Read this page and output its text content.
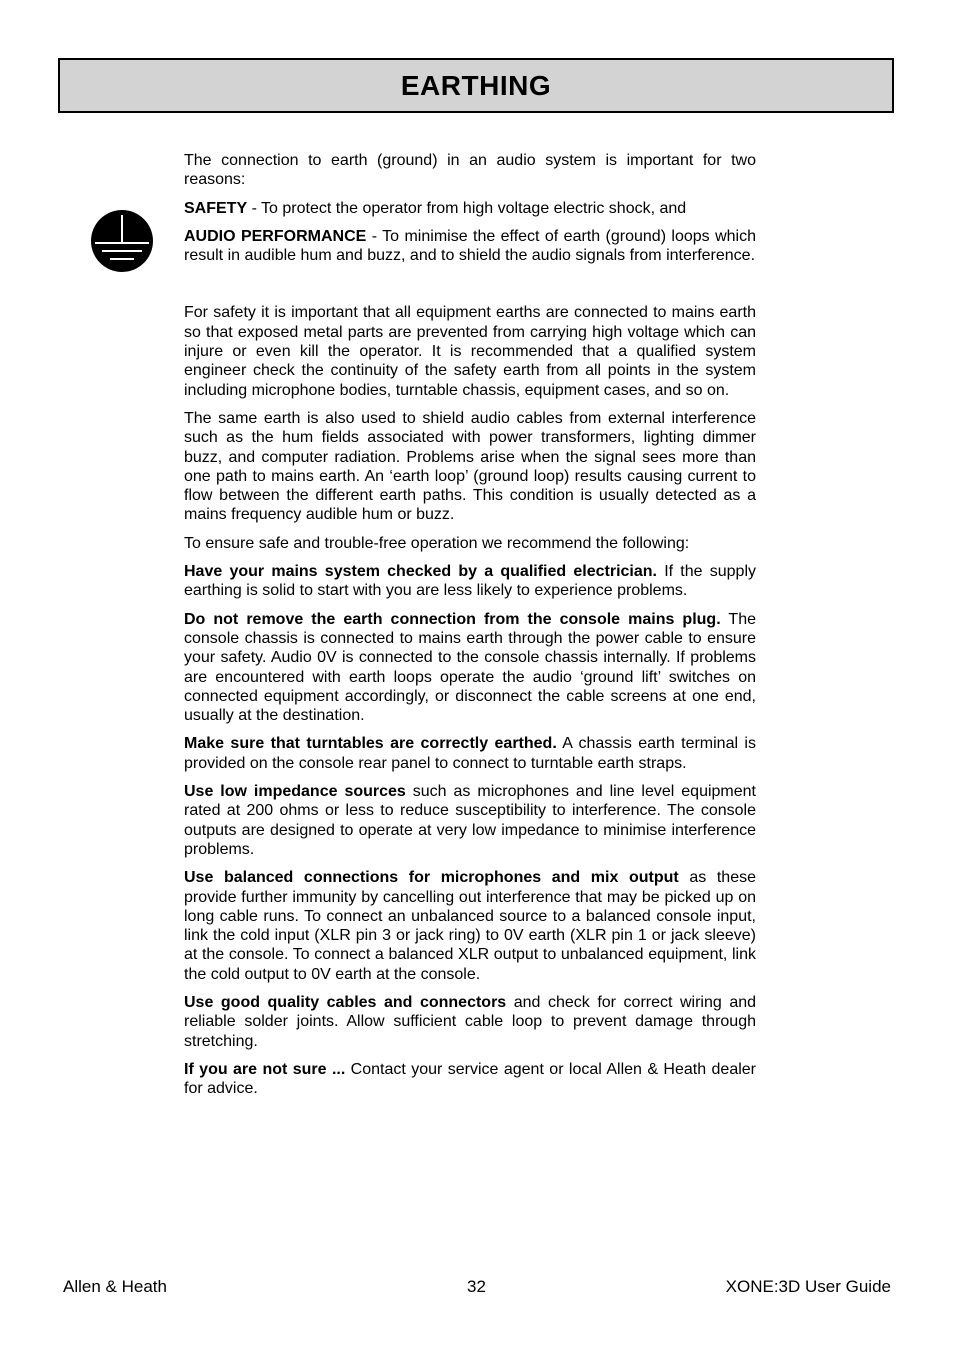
EARTHING

The connection to earth (ground) in an audio system is important for two reasons:

SAFETY - To protect the operator from high voltage electric shock, and

AUDIO PERFORMANCE - To minimise the effect of earth (ground) loops which result in audible hum and buzz, and to shield the audio signals from interference.

For safety it is important that all equipment earths are connected to mains earth so that exposed metal parts are prevented from carrying high voltage which can injure or even kill the operator. It is recommended that a qualified system engineer check the continuity of the safety earth from all points in the system including microphone bodies, turntable chassis, equipment cases, and so on.

The same earth is also used to shield audio cables from external interference such as the hum fields associated with power transformers, lighting dimmer buzz, and computer radiation. Problems arise when the signal sees more than one path to mains earth. An ‘earth loop’ (ground loop) results causing current to flow between the different earth paths. This condition is usually detected as a mains frequency audible hum or buzz.

To ensure safe and trouble-free operation we recommend the following:

Have your mains system checked by a qualified electrician. If the supply earthing is solid to start with you are less likely to experience problems.

Do not remove the earth connection from the console mains plug. The console chassis is connected to mains earth through the power cable to ensure your safety. Audio 0V is connected to the console chassis internally. If problems are encountered with earth loops operate the audio ‘ground lift’ switches on connected equipment accordingly, or disconnect the cable screens at one end, usually at the destination.

Make sure that turntables are correctly earthed. A chassis earth terminal is provided on the console rear panel to connect to turntable earth straps.

Use low impedance sources such as microphones and line level equipment rated at 200 ohms or less to reduce susceptibility to interference. The console outputs are designed to operate at very low impedance to minimise interference problems.

Use balanced connections for microphones and mix output as these provide further immunity by cancelling out interference that may be picked up on long cable runs. To connect an unbalanced source to a balanced console input, link the cold input (XLR pin 3 or jack ring) to 0V earth (XLR pin 1 or jack sleeve) at the console. To connect a balanced XLR output to unbalanced equipment, link the cold output to 0V earth at the console.

Use good quality cables and connectors and check for correct wiring and reliable solder joints. Allow sufficient cable loop to prevent damage through stretching.

If you are not sure ... Contact your service agent or local Allen & Heath dealer for advice.

Allen & Heath	32	XONE:3D User Guide
